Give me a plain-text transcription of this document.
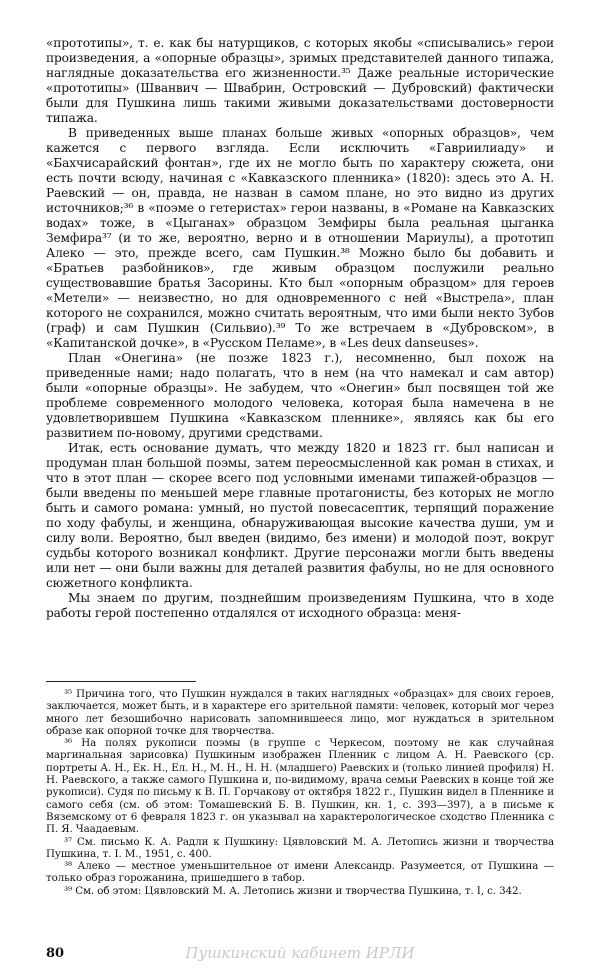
«прототипы», т. е. как бы натурщиков, с которых якобы «списывались» герои произведения, а «опорные образцы», зримых представителей данного типажа, наглядные доказательства его жизненности.³⁵ Даже реальные исторические «прототипы» (Шванвич — Швабрин, Островский — Дубровский) фактически были для Пушкина лишь такими живыми доказательствами достоверности типажа.

В приведенных выше планах больше живых «опорных образцов», чем кажется с первого взгляда. Если исключить «Гавриилиаду» и «Бахчисарайский фонтан», где их не могло быть по характеру сюжета, они есть почти всюду, начиная с «Кавказского пленника» (1820): здесь это А. Н. Раевский — он, правда, не назван в самом плане, но это видно из других источников;³⁶ в «поэме о гетеристах» герои названы, в «Романе на Кавказских водах» тоже, в «Цыганах» образцом Земфиры была реальная цыганка Земфира³⁷ (и то же, вероятно, верно и в отношении Мариулы), а прототип Алеко — это, прежде всего, сам Пушкин.³⁸ Можно было бы добавить и «Братьев разбойников», где живым образцом послужили реально существовавшие братья Засорины. Кто был «опорным образцом» для героев «Метели» — неизвестно, но для одновременного с ней «Выстрела», план которого не сохранился, можно считать вероятным, что ими были некто Зубов (граф) и сам Пушкин (Сильвио).³⁹ То же встречаем в «Дубровском», в «Капитанской дочке», в «Русском Пеламе», в «Les deux danseuses».

План «Онегина» (не позже 1823 г.), несомненно, был похож на приведенные нами; надо полагать, что в нем (на что намекал и сам автор) были «опорные образцы». Не забудем, что «Онегин» был посвящен той же проблеме современного молодого человека, которая была намечена в не удовлетворившем Пушкина «Кавказском пленнике», являясь как бы его развитием по-новому, другими средствами.

Итак, есть основание думать, что между 1820 и 1823 гг. был написан и продуман план большой поэмы, затем переосмысленной как роман в стихах, и что в этот план — скорее всего под условными именами типажей-образцов — были введены по меньшей мере главные протагонисты, без которых не могло быть и самого романа: умный, но пустой повесасептик, терпящий поражение по ходу фабулы, и женщина, обнаруживающая высокие качества души, ум и силу воли. Вероятно, был введен (видимо, без имени) и молодой поэт, вокруг судьбы которого возникал конфликт. Другие персонажи могли быть введены или нет — они были важны для деталей развития фабулы, но не для основного сюжетного конфликта.

Мы знаем по другим, позднейшим произведениям Пушкина, что в ходе работы герой постепенно отдалялся от исходного образца: меня-

³⁵ Причина того, что Пушкин нуждался в таких наглядных «образцах» для своих героев, заключается, может быть, и в характере его зрительной памяти: человек, который мог через много лет безошибочно нарисовать запомнившееся лицо, мог нуждаться в зрительном образе как опорной точке для творчества.

³⁶ На полях рукописи поэмы (в группе с Черкесом, поэтому не как случайная маргинальная зарисовка) Пушкиным изображен Пленник с лицом А. Н. Раевского (ср. портреты А. Н., Ек. Н., Ел. Н., М. Н., Н. Н. (младшего) Раевских и (только линией профиля) Н. Н. Раевского, а также самого Пушкина и, по-видимому, врача семьи Раевских в конце той же рукописи). Судя по письму к В. П. Горчакову от октября 1822 г., Пушкин видел в Пленнике и самого себя (см. об этом: Томашевский Б. В. Пушкин, кн. 1, с. 393—397), а в письме к Вяземскому от 6 февраля 1823 г. он указывал на характерологическое сходство Пленника с П. Я. Чаадаевым.

³⁷ См. письмо К. А. Радли к Пушкину: Цявловский М. А. Летопись жизни и творчества Пушкина, т. I. М., 1951, с. 400.

³⁸ Алеко — местное уменьшительное от имени Александр. Разумеется, от Пушкина — только образ горожанина, пришедшего в табор.

³⁹ См. об этом: Цявловский М. А. Летопись жизни и творчества Пушкина, т. I, с. 342.

80	Пушкинский кабинет ИРЛИ
